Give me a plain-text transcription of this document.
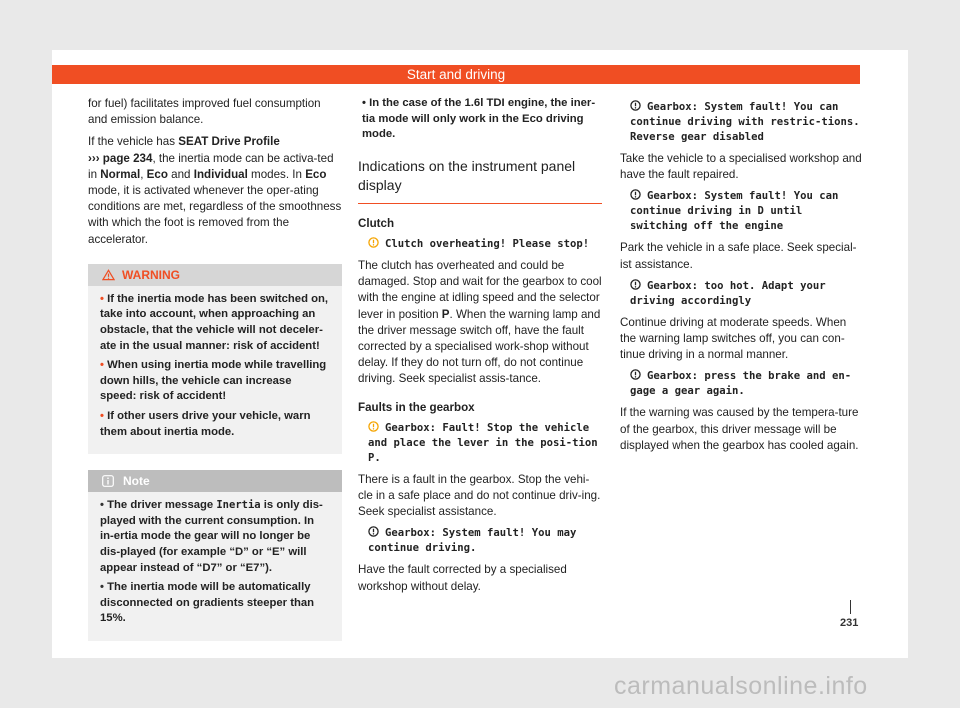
Start and driving

for fuel) facilitates improved fuel consumption and emission balance.

If the vehicle has SEAT Drive Profile
››› page 234, the inertia mode can be activa-ted in Normal, Eco and Individual modes. In Eco mode, it is activated whenever the oper-ating conditions are met, regardless of the smoothness with which the foot is removed from the accelerator.

WARNING
• If the inertia mode has been switched on, take into account, when approaching an obstacle, that the vehicle will not deceler-ate in the usual manner: risk of accident!
• When using inertia mode while travelling down hills, the vehicle can increase speed: risk of accident!
• If other users drive your vehicle, warn them about inertia mode.
Note
• The driver message Inertia is only dis-played with the current consumption. In in-ertia mode the gear will no longer be dis-played (for example “D” or “E” will appear instead of “D7” or “E7”).
• The inertia mode will be automatically disconnected on gradients steeper than 15%.

• In the case of the 1.6l TDI engine, the iner-tia mode will only work in the Eco driving mode.

Indications on the instrument panel display
Clutch
Clutch overheating! Please stop!

The clutch has overheated and could be damaged. Stop and wait for the gearbox to cool with the engine at idling speed and the selector lever in position P. When the warning lamp and the driver message switch off, have the fault corrected by a specialised work-shop without delay. If they do not turn off, do not continue driving. Seek specialist assis-tance.

Faults in the gearbox
Gearbox: Fault! Stop the vehicle and place the lever in the posi-tion P.

There is a fault in the gearbox. Stop the vehi-cle in a safe place and do not continue driv-ing. Seek specialist assistance.

Gearbox: System fault! You may continue driving.

Have the fault corrected by a specialised workshop without delay.

Gearbox: System fault! You can continue driving with restric-tions. Reverse gear disabled

Take the vehicle to a specialised workshop and have the fault repaired.

Gearbox: System fault! You can continue driving in D until switching off the engine

Park the vehicle in a safe place. Seek special-ist assistance.

Gearbox: too hot. Adapt your driving accordingly

Continue driving at moderate speeds. When the warning lamp switches off, you can con-tinue driving in a normal manner.

Gearbox: press the brake and en-gage a gear again.

If the warning was caused by the tempera-ture of the gearbox, this driver message will be displayed when the gearbox has cooled again.

231
carmanualsonline.info
